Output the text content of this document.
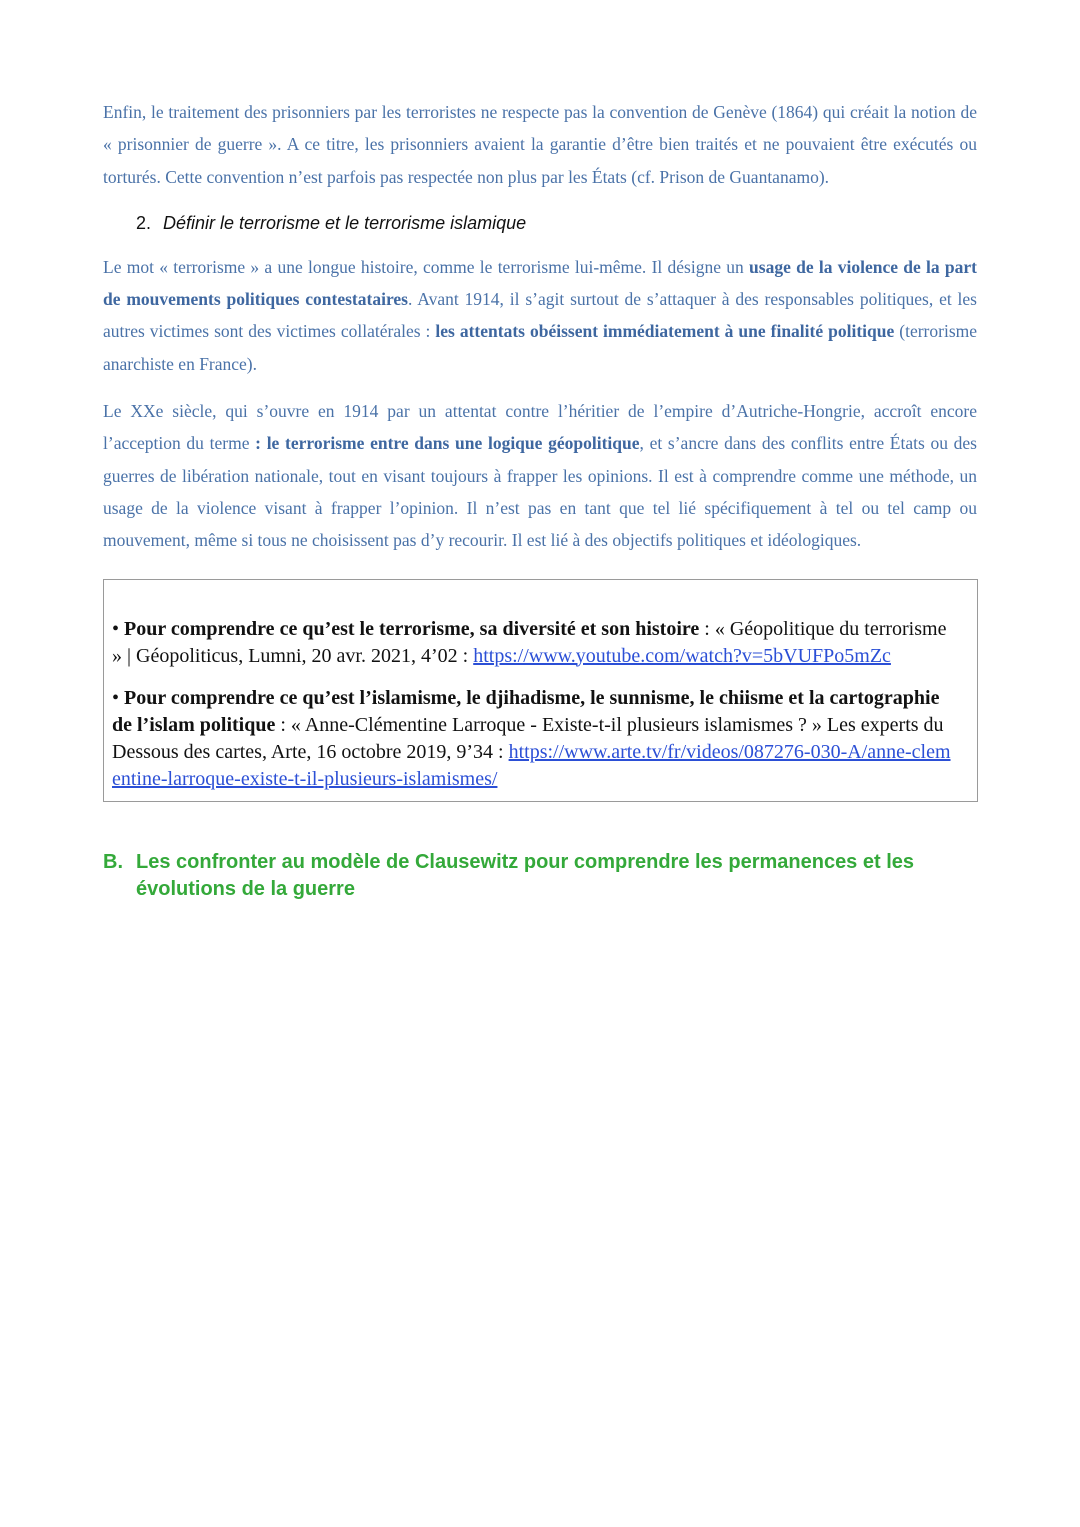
Enfin, le traitement des prisonniers par les terroristes ne respecte pas la convention de Genève (1864) qui créait la notion de « prisonnier de guerre ». A ce titre, les prisonniers avaient la garantie d’être bien traités et ne pouvaient être exécutés ou torturés. Cette convention n’est parfois pas respectée non plus par les États (cf. Prison de Guantanamo).

2. Définir le terrorisme et le terrorisme islamique

Le mot « terrorisme » a une longue histoire, comme le terrorisme lui-même. Il désigne un usage de la violence de la part de mouvements politiques contestataires. Avant 1914, il s’agit surtout de s’attaquer à des responsables politiques, et les autres victimes sont des victimes collatérales : les attentats obéissent immédiatement à une finalité politique (terrorisme anarchiste en France).

Le XXe siècle, qui s’ouvre en 1914 par un attentat contre l’héritier de l’empire d’Autriche-Hongrie, accroît encore l’acception du terme : le terrorisme entre dans une logique géopolitique, et s’ancre dans des conflits entre États ou des guerres de libération nationale, tout en visant toujours à frapper les opinions. Il est à comprendre comme une méthode, un usage de la violence visant à frapper l’opinion. Il n’est pas en tant que tel lié spécifiquement à tel ou tel camp ou mouvement, même si tous ne choisissent pas d’y recourir. Il est lié à des objectifs politiques et idéologiques.

• Pour comprendre ce qu’est le terrorisme, sa diversité et son histoire : « Géopolitique du terrorisme » | Géopoliticus, Lumni, 20 avr. 2021, 4’02 : https://www.youtube.com/watch?v=5bVUFPo5mZc
• Pour comprendre ce qu’est l’islamisme, le djihadisme, le sunnisme, le chiisme et la cartographie de l’islam politique : « Anne-Clémentine Larroque - Existe-t-il plusieurs islamismes ? » Les experts du Dessous des cartes, Arte, 16 octobre 2019, 9’34 : https://www.arte.tv/fr/videos/087276-030-A/anne-clementine-larroque-existe-t-il-plusieurs-islamismes/
B. Les confronter au modèle de Clausewitz pour comprendre les permanences et les évolutions de la guerre
